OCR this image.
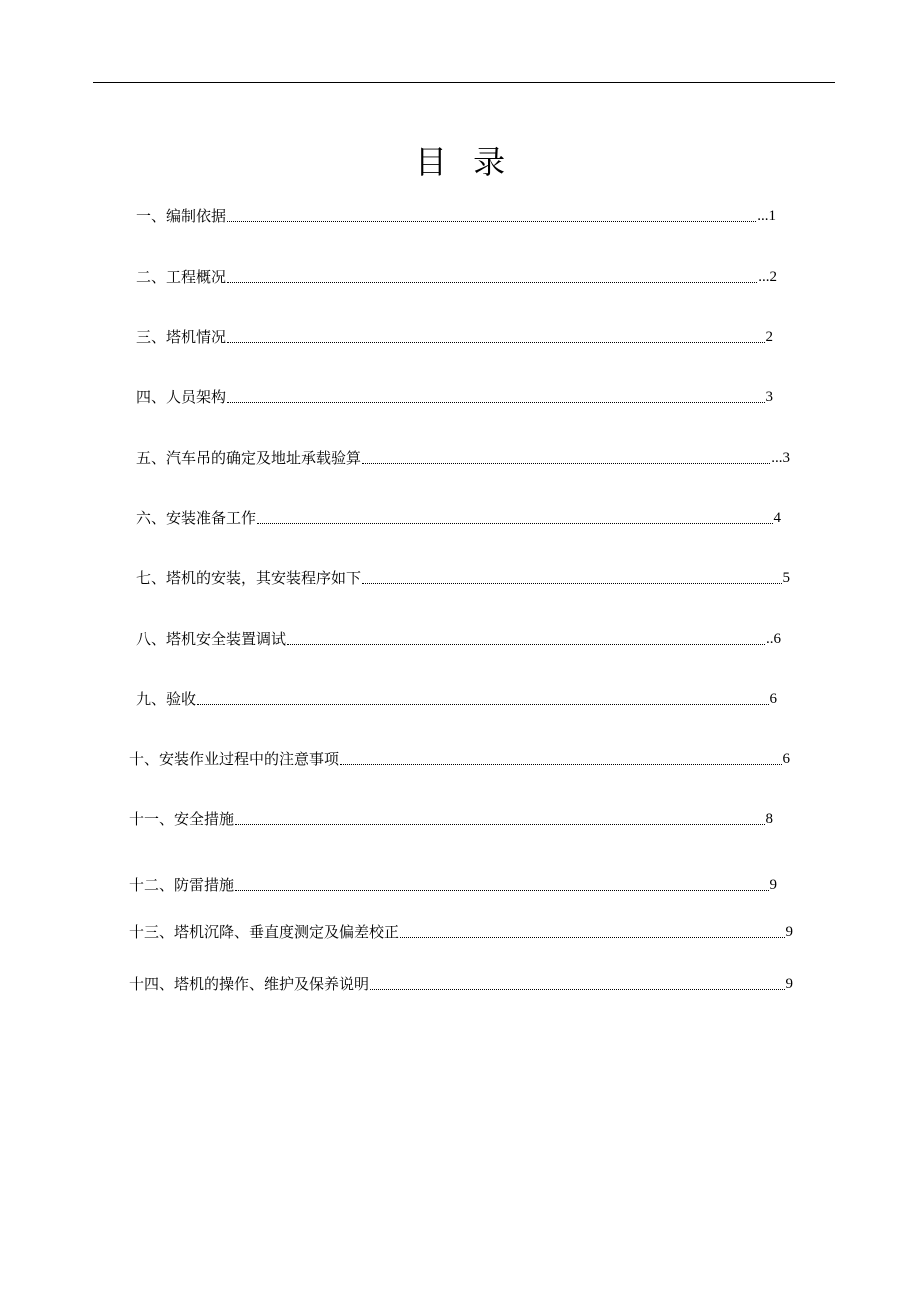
目 录
一、编制依据	...1
二、工程概况	...2
三、塔机情况	2
四、人员架构	3
五、汽车吊的确定及地址承载验算	...3
六、安装准备工作	4
七、塔机的安装，其安装程序如下	5
八、塔机安全装置调试	..6
九、验收	6
十、安装作业过程中的注意事项	6
十一、安全措施	8
十二、防雷措施	9
十三、塔机沉降、垂直度测定及偏差校正	9
十四、塔机的操作、维护及保养说明	9
